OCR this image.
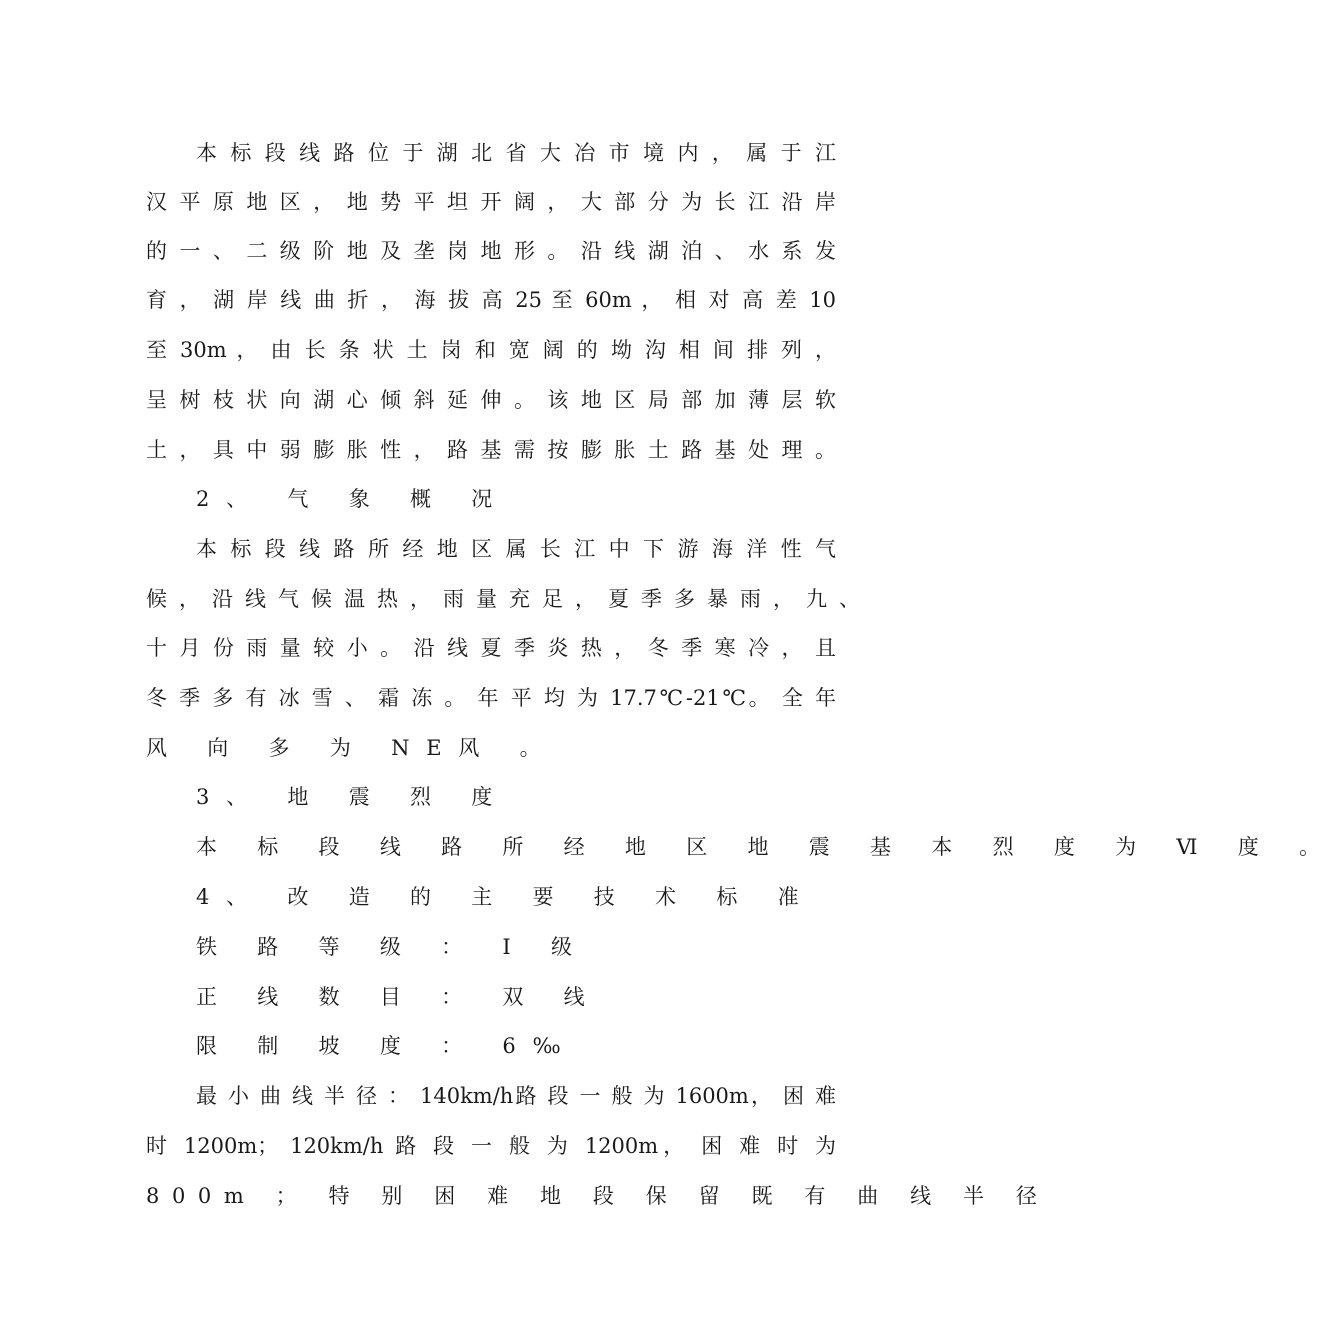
本 标 段 线 路 位 于 湖 北 省 大 冶 市 境 内 ， 属 于 江
汉 平 原 地 区 ， 地 势 平 坦 开 阔 ， 大 部 分 为 长 江 沿 岸
的 一 、 二 级 阶 地 及 垄 岗 地 形 。 沿 线 湖 泊 、 水 系 发
育 ， 湖 岸 线 曲 折 ， 海 拔 高 25 至 60m ， 相 对 高 差 10
至 30m ， 由 长 条 状 土 岗 和 宽 阔 的 坳 沟 相 间 排 列 ，
呈 树 枝 状 向 湖 心 倾 斜 延 伸 。 该 地 区 局 部 加 薄 层 软
土 ， 具 中 弱 膨 胀 性 ， 路 基 需 按 膨 胀 土 路 基 处 理 。
2、 气 象 概 况
本 标 段 线 路 所 经 地 区 属 长 江 中 下 游 海 洋 性 气
候 ， 沿 线 气 候 温 热 ， 雨 量 充 足 ， 夏 季 多 暴 雨 ， 九 、
十 月 份 雨 量 较 小 。 沿 线 夏 季 炎 热 ， 冬 季 寒 冷 ， 且
冬 季 多 有 冰 雪 、 霜 冻 。 年 平 均 为 17.7℃-21℃。 全 年
风 向 多 为 NE风 。
3、 地 震 烈 度
本 标 段 线 路 所 经 地 区 地 震 基 本 烈 度 为 Ⅵ 度 。
4、 改 造 的 主 要 技 术 标 准
铁 路 等 级 ： Ⅰ 级
正 线 数 目 ： 双 线
限 制 坡 度 ： 6‰
最 小 曲 线 半 径 ： 140km/h路 段 一 般 为 1600m， 困 难
时 1200m； 120km/h 路 段 一 般 为 1200m， 困 难 时 为
800m ； 特 别 困 难 地 段 保 留 既 有 曲 线 半 径
